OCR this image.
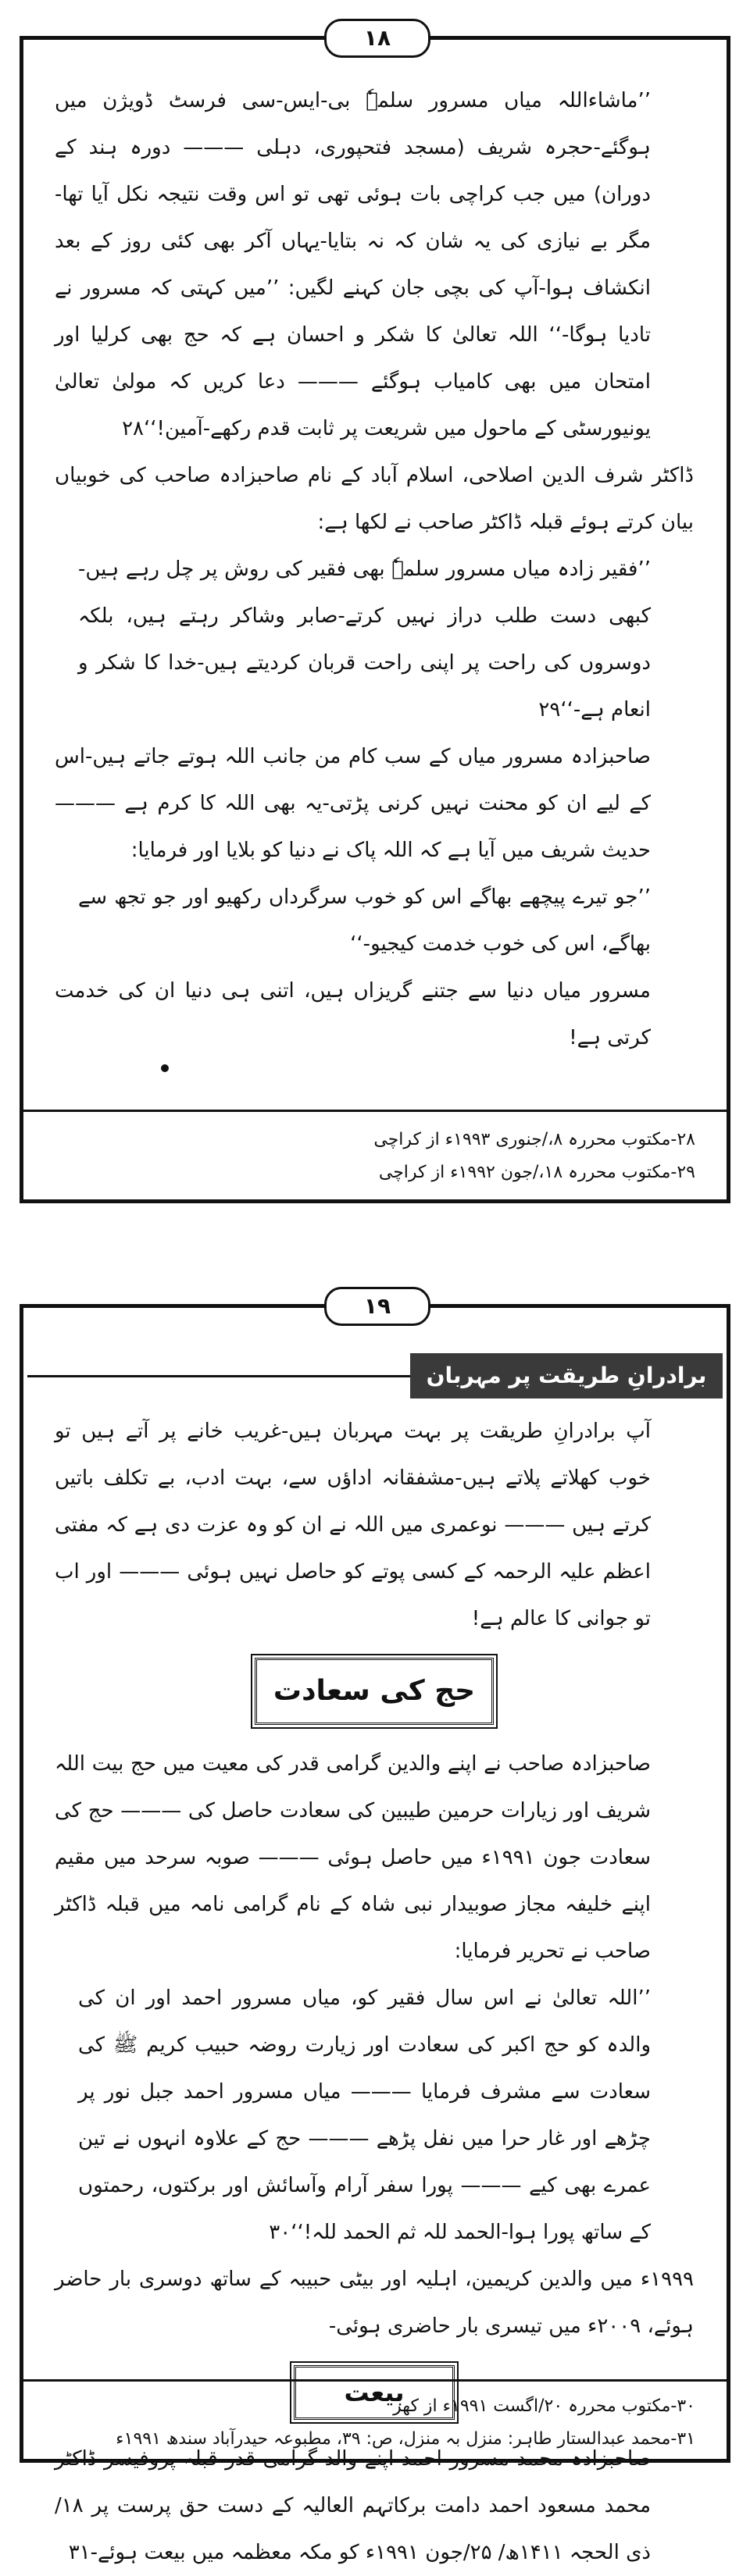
’’ماشاءاللہ میاں مسرور سلمہٗ بی-ایس-سی فرسٹ ڈویژن میں ہوگئے-حجرہ شریف (مسجد فتحپوری، دہلی ——— دورہ ہند کے دوران) میں جب کراچی بات ہوئی تھی تو اس وقت نتیجہ نکل آیا تھا-مگر بے نیازی کی یہ شان کہ نہ بتایا-یہاں آکر بھی کئی روز کے بعد انکشاف ہوا-آپ کی بچی جان کہنے لگیں: ’’میں کہتی کہ مسرور نے تادیا ہوگا-‘‘ اللہ تعالیٰ کا شکر و احسان ہے کہ حج بھی کرلیا اور امتحان میں بھی کامیاب ہوگئے ——— دعا کریں کہ مولیٰ تعالیٰ یونیورسٹی کے ماحول میں شریعت پر ثابت قدم رکھے-آمین!‘‘۲۸

ڈاکٹر شرف الدین اصلاحی، اسلام آباد کے نام صاحبزادہ صاحب کی خوبیاں بیان کرتے ہوئے قبلہ ڈاکٹر صاحب نے لکھا ہے:

’’فقیر زادہ میاں مسرور سلمہٗ بھی فقیر کی روش پر چل رہے ہیں-کبھی دست طلب دراز نہیں کرتے-صابر وشاکر رہتے ہیں، بلکہ دوسروں کی راحت پر اپنی راحت قربان کردیتے ہیں-خدا کا شکر و انعام ہے-‘‘۲۹

صاحبزادہ مسرور میاں کے سب کام من جانب اللہ ہوتے جاتے ہیں-اس کے لیے ان کو محنت نہیں کرنی پڑتی-یہ بھی اللہ کا کرم ہے ——— حدیث شریف میں آیا ہے کہ اللہ پاک نے دنیا کو بلایا اور فرمایا:

’’جو تیرے پیچھے بھاگے اس کو خوب سرگرداں رکھیو اور جو تجھ سے بھاگے، اس کی خوب خدمت کیجیو-‘‘

مسرور میاں دنیا سے جتنے گریزاں ہیں، اتنی ہی دنیا ان کی خدمت کرتی ہے!

۲۸-مکتوب محررہ ۸،/جنوری ۱۹۹۳ء از کراچی
۲۹-مکتوب محررہ ۱۸،/جون ۱۹۹۲ء از کراچی
۱۸
برادرانِ طریقت پر مہربان

آپ برادرانِ طریقت پر بہت مہربان ہیں-غریب خانے پر آتے ہیں تو خوب کھلاتے پلاتے ہیں-مشفقانہ اداؤں سے، بہت ادب، بے تکلف باتیں کرتے ہیں ——— نوعمری میں اللہ نے ان کو وہ عزت دی ہے کہ مفتی اعظم علیہ الرحمہ کے کسی پوتے کو حاصل نہیں ہوئی ——— اور اب تو جوانی کا عالم ہے!

حج کی سعادت

صاحبزادہ صاحب نے اپنے والدین گرامی قدر کی معیت میں حج بیت اللہ شریف اور زیارات حرمین طیبین کی سعادت حاصل کی ——— حج کی سعادت جون ۱۹۹۱ء میں حاصل ہوئی ——— صوبہ سرحد میں مقیم اپنے خلیفہ مجاز صوبیدار نبی شاہ کے نام گرامی نامہ میں قبلہ ڈاکٹر صاحب نے تحریر فرمایا:

’’اللہ تعالیٰ نے اس سال فقیر کو، میاں مسرور احمد اور ان کی والدہ کو حج اکبر کی سعادت اور زیارت روضہ حبیب کریم ﷺ کی سعادت سے مشرف فرمایا ——— میاں مسرور احمد جبل نور پر چڑھے اور غار حرا میں نفل پڑھے ——— حج کے علاوہ انہوں نے تین عمرے بھی کیے ——— پورا سفر آرام وآسائش اور برکتوں، رحمتوں کے ساتھ پورا ہوا-الحمد للہ ثم الحمد للہ!‘‘۳۰

۱۹۹۹ء میں والدین کریمین، اہلیہ اور بیٹی حبیبہ کے ساتھ دوسری بار حاضر ہوئے، ۲۰۰۹ء میں تیسری بار حاضری ہوئی-

بیعت

صاحبزادہ محمد مسرور احمد اپنے والد گرامی قدر قبلہ پروفیسر ڈاکٹر محمد مسعود احمد دامت برکاتہم العالیہ کے دست حق پرست پر ۱۸/ذی الحجہ ۱۴۱۱ھ/ ۲۵/جون ۱۹۹۱ء کو مکہ معظمہ میں بیعت ہوئے-۳۱

۳۰-مکتوب محررہ ۲۰/اگست ۱۹۹۱ء از کھر
۳۱-محمد عبدالستار طاہر: منزل بہ منزل، ص: ۳۹، مطبوعہ حیدرآباد سندھ ۱۹۹۱ء
۱۹
